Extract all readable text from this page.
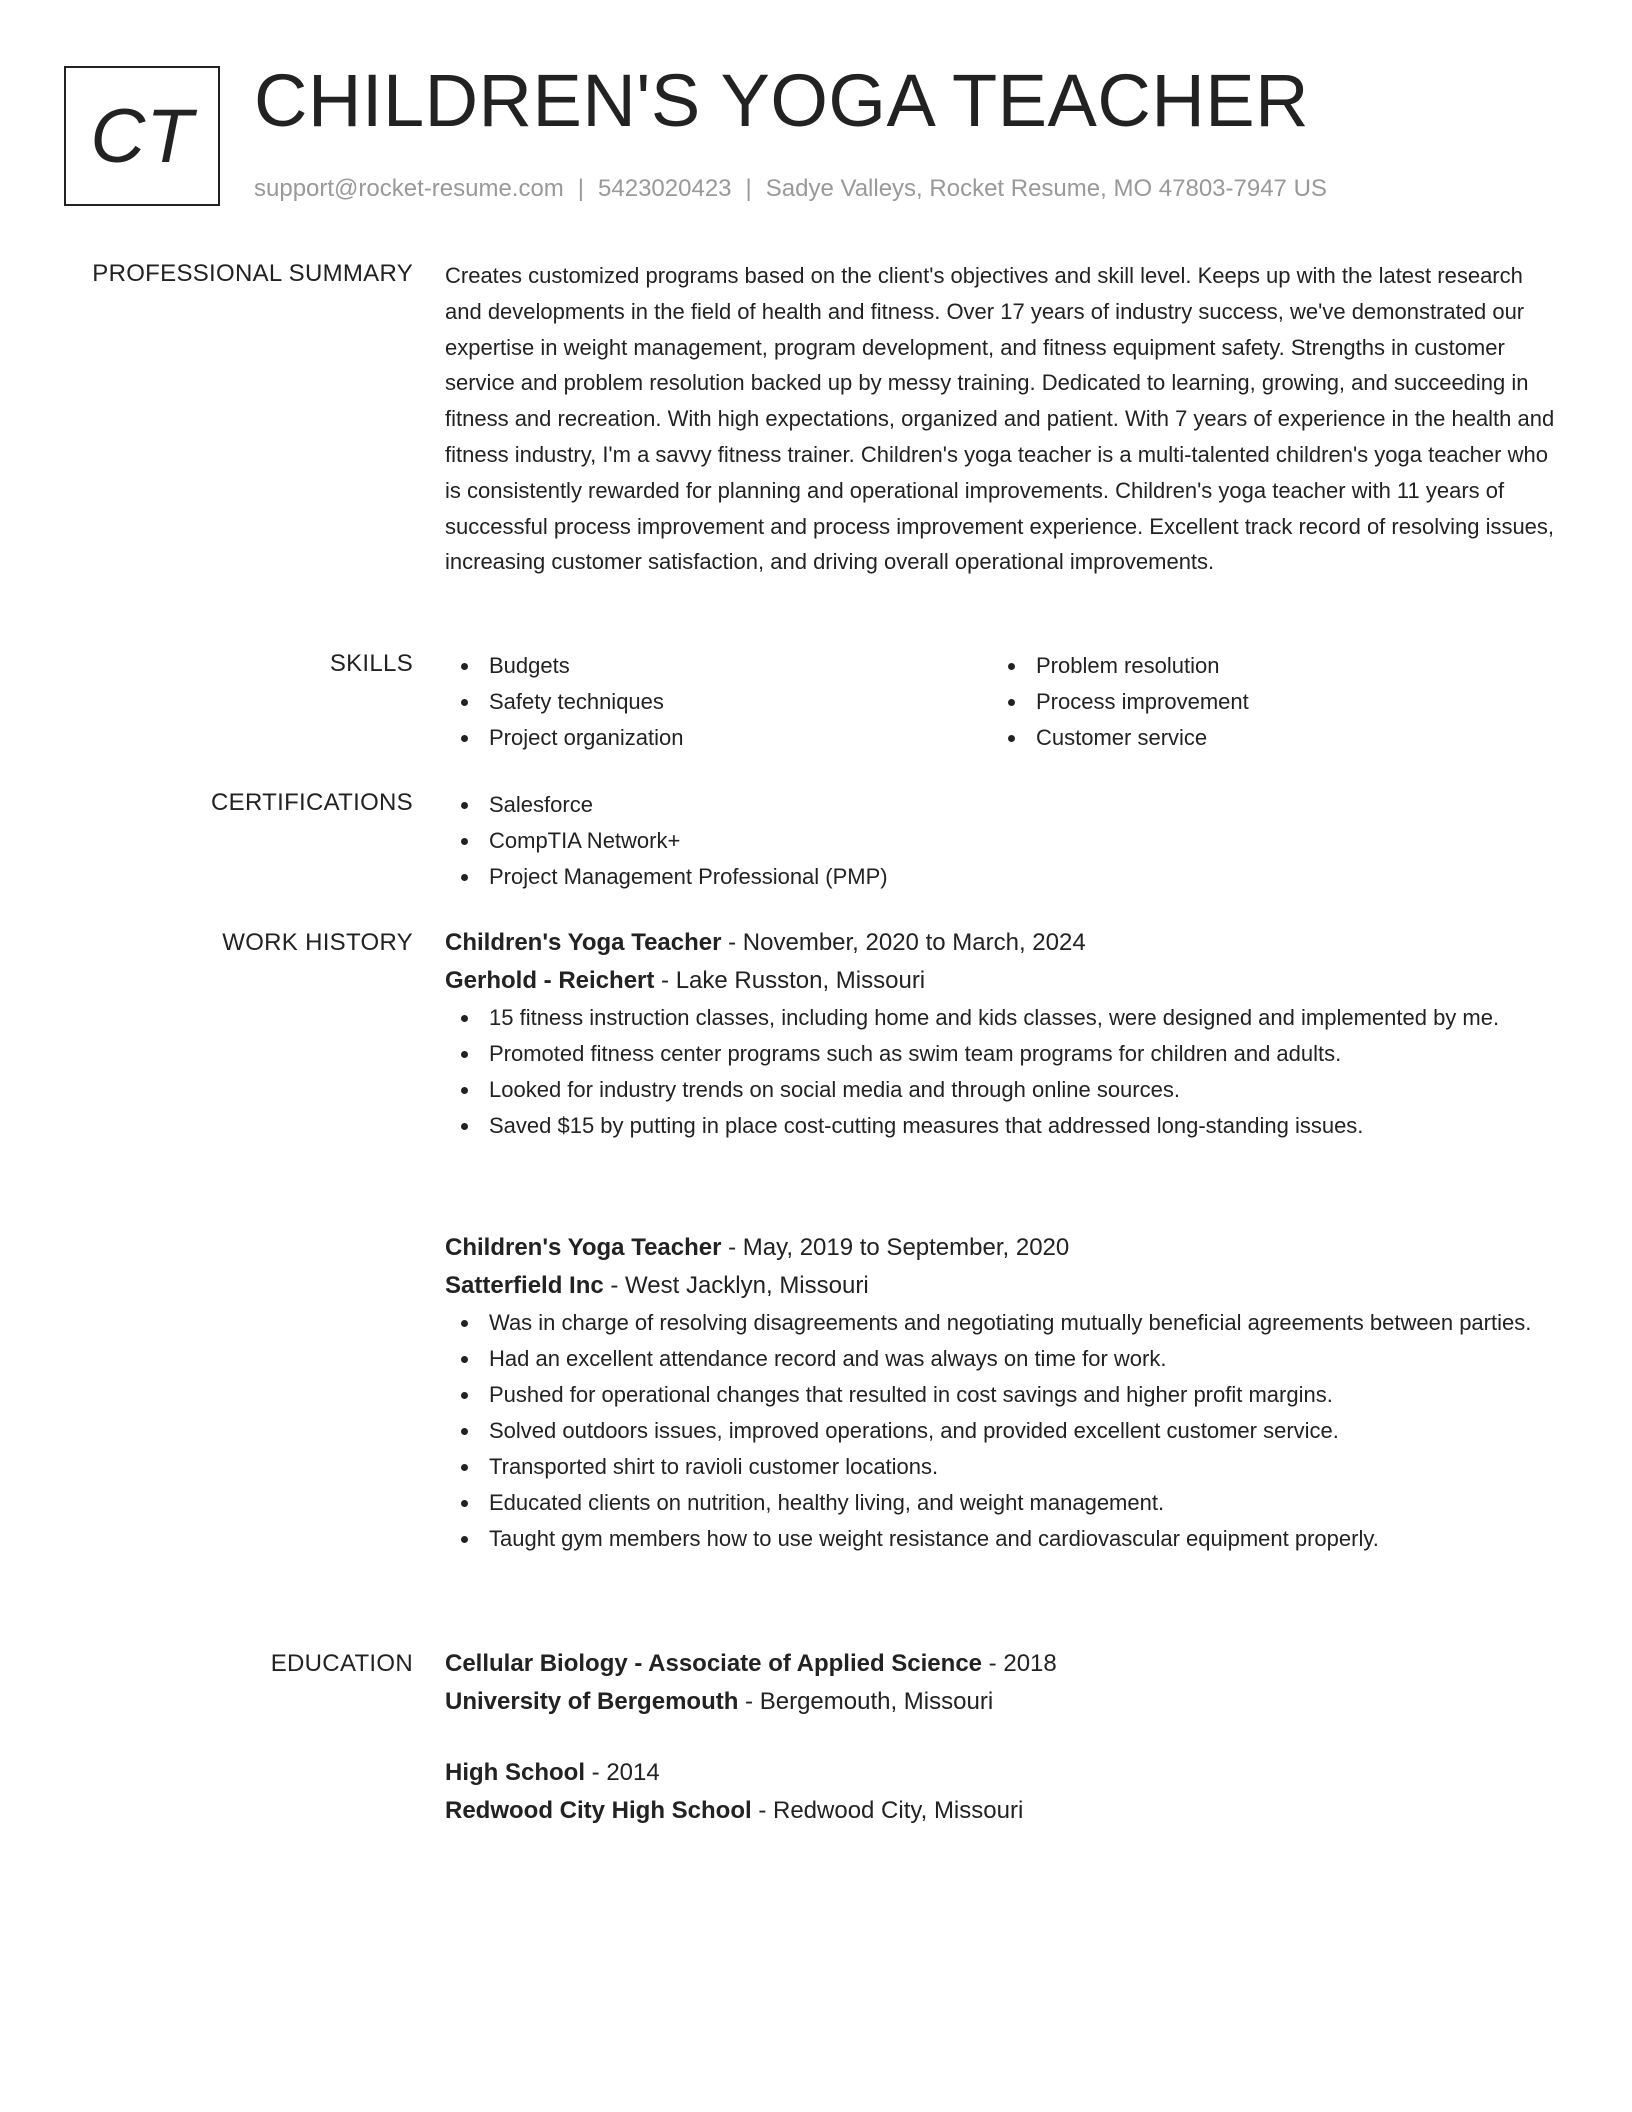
CT CHILDREN'S YOGA TEACHER
support@rocket-resume.com | 5423020423 | Sadye Valleys, Rocket Resume, MO 47803-7947 US
PROFESSIONAL SUMMARY Creates customized programs based on the client's objectives and skill level. Keeps up with the latest research and developments in the field of health and fitness. Over 17 years of industry success, we've demonstrated our expertise in weight management, program development, and fitness equipment safety. Strengths in customer service and problem resolution backed up by messy training. Dedicated to learning, growing, and succeeding in fitness and recreation. With high expectations, organized and patient. With 7 years of experience in the health and fitness industry, I'm a savvy fitness trainer. Children's yoga teacher is a multi-talented children's yoga teacher who is consistently rewarded for planning and operational improvements. Children's yoga teacher with 11 years of successful process improvement and process improvement experience. Excellent track record of resolving issues, increasing customer satisfaction, and driving overall operational improvements.

SKILLS	Budgets
Safety techniques
Project organization
Problem resolution
Process improvement
Customer service
CERTIFICATIONS	Salesforce
CompTIA Network+
Project Management Professional (PMP)
WORK HISTORY Children's Yoga Teacher - November, 2020 to March, 2024
Gerhold - Reichert - Lake Russton, Missouri
15 fitness instruction classes, including home and kids classes, were designed and implemented by me.
Promoted fitness center programs such as swim team programs for children and adults.
Looked for industry trends on social media and through online sources.
Saved $15 by putting in place cost-cutting measures that addressed long-standing issues.
Children's Yoga Teacher - May, 2019 to September, 2020
Satterfield Inc - West Jacklyn, Missouri
Was in charge of resolving disagreements and negotiating mutually beneficial agreements between parties.
Had an excellent attendance record and was always on time for work.
Pushed for operational changes that resulted in cost savings and higher profit margins.
Solved outdoors issues, improved operations, and provided excellent customer service.
Transported shirt to ravioli customer locations.
Educated clients on nutrition, healthy living, and weight management.
Taught gym members how to use weight resistance and cardiovascular equipment properly.
EDUCATION Cellular Biology - Associate of Applied Science - 2018
University of Bergemouth - Bergemouth, Missouri
High School - 2014
Redwood City High School - Redwood City, Missouri
